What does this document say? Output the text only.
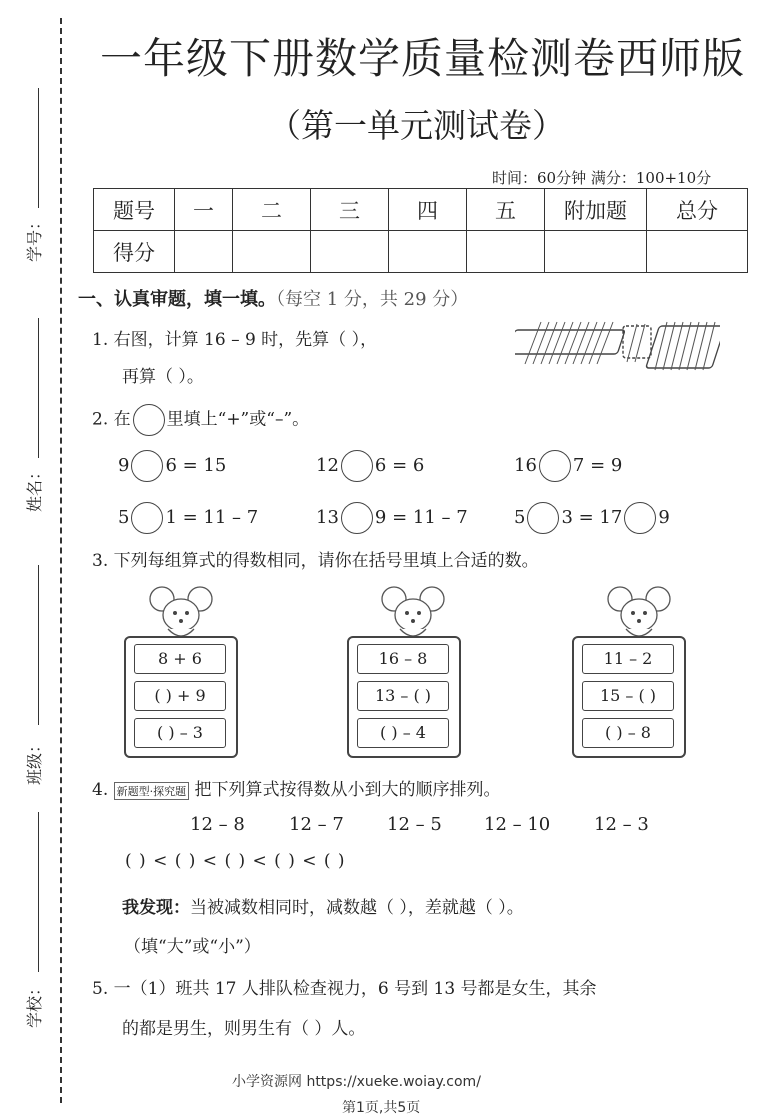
学号：
姓名：
班级：
学校：
一年级下册数学质量检测卷西师版
（第一单元测试卷）
时间：60分钟 满分：100+10分
题号	一	二	三	四	五	附加题	总分
得分							
一、认真审题，填一填。（每空 1 分，共 29 分）
1. 右图，计算 16 – 9 时，先算（ ），
再算（ ）。
2. 在 里填上“+”或“–”。
9 6 = 15	12 6 = 6	16 7 = 9
5 1 = 11 – 7	13 9 = 11 – 7	5 3 = 17 9
3. 下列每组算式的得数相同，请你在括号里填上合适的数。
8 + 6
( ) + 9
( ) – 3
16 – 8
13 – ( )
( ) – 4
11 – 2
15 – ( )
( ) – 8
4. 新题型·探究题 把下列算式按得数从小到大的顺序排列。
12 – 8 12 – 7 12 – 5 12 – 10 12 – 3
( ) < ( ) < ( ) < ( ) < ( )
我发现：当被减数相同时，减数越（ ），差就越（ ）。
（填“大”或“小”）
5. 一（1）班共 17 人排队检查视力，6 号到 13 号都是女生，其余
的都是男生，则男生有（ ）人。
小学资源网 https://xueke.woiay.com/
第1页,共5页
